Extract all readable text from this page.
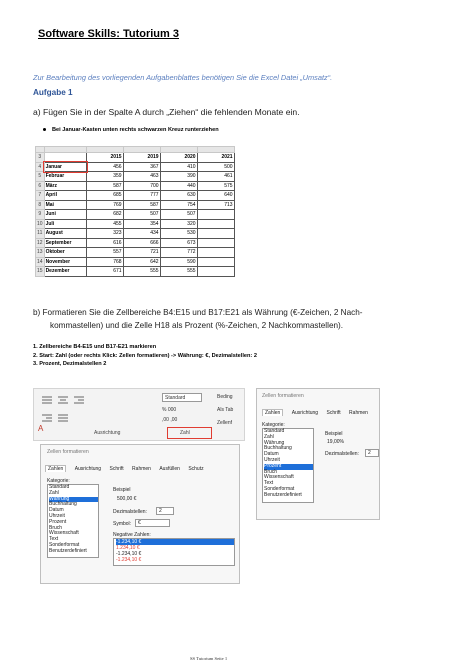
Software Skills: Tutorium 3
Zur Bearbeitung des vorliegenden Aufgabenblattes benötigen Sie die Excel Datei „Umsatz“.
Aufgabe 1
a) Fügen Sie in der Spalte A durch „Ziehen“ die fehlenden Monate ein.
Bei Januar-Kasten unten rechts schwarzen Kreuz runterziehen

3		2015	2019	2020	2021
4	Januar	456	367	410	500
5	Februar	359	463	390	461
6	März	587	700	440	575
7	April	685	777	630	640
8	Mai	769	587	754	713
9	Juni	682	507	507	
10	Juli	455	354	320	
11	August	323	434	530	
12	September	616	666	673	
13	Oktober	557	721	772	
14	November	768	642	590	
15	Dezember	671	555	555	
b) Formatieren Sie die Zellbereiche B4:E15 und B17:E21 als Währung (€-Zeichen, 2 Nach-
kommastellen) und die Zelle H18 als Prozent (%-Zeichen, 2 Nachkommastellen).
1. Zellbereiche B4-E15 und B17-E21 markieren
2. Start: Zahl (oder rechts Klick: Zellen formatieren) -> Währung: €, Dezimalstellen: 2
3. Prozent, Dezimalstellen 2
A	Ausrichtung
Standard
% 000
,00 ,00
Zahl
Beding
Als Tab
Zellenf
Zellen formatieren
Zahlen Ausrichtung Schrift Rahmen Ausfüllen Schutz
Kategorie:
Standard
Zahl
Währung
Buchhaltung
Datum
Uhrzeit
Prozent
Bruch
Wissenschaft
Text
Sonderformat
Benutzerdefiniert
Beispiel
500,00 €
Dezimalstellen:	2
Symbol:	€
Negative Zahlen:
-1.234,10 €
1.234,10 €
-1.234,10 €
-1.234,10 €
Zellen formatieren
Zahlen Ausrichtung Schrift Rahmen
Kategorie:
Standard
Zahl
Währung
Buchhaltung
Datum
Uhrzeit
Prozent
Bruch
Wissenschaft
Text
Sonderformat
Benutzerdefiniert
Beispiel
19,00%
Dezimalstellen:	2
SS Tutorium Seite 1
